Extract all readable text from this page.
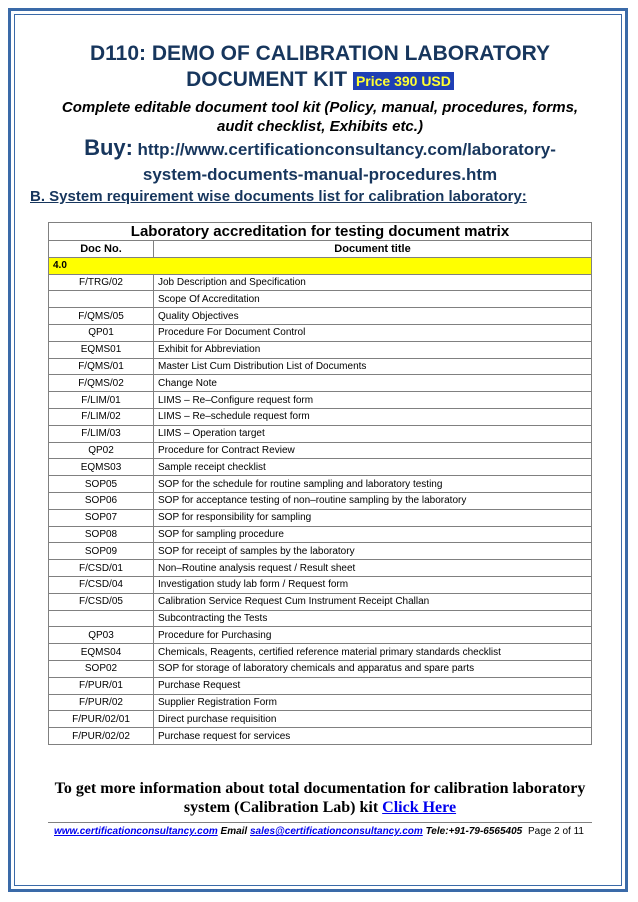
D110: DEMO OF CALIBRATION LABORATORY
DOCUMENT KIT Price 390 USD
Complete editable document tool kit (Policy, manual, procedures, forms,
audit checklist, Exhibits etc.)
Buy: http://www.certificationconsultancy.com/laboratory-
system-documents-manual-procedures.htm
B. System requirement wise documents list for calibration laboratory:
Laboratory accreditation for testing document matrix	
Doc No.	Document title
4.0	
F/TRG/02	Job Description and Specification
	Scope Of Accreditation
F/QMS/05	Quality Objectives
QP01	Procedure For Document Control
EQMS01	Exhibit for Abbreviation
F/QMS/01	Master List Cum Distribution List of Documents
F/QMS/02	Change Note
F/LIM/01	LIMS – Re–Configure request form
F/LIM/02	LIMS – Re–schedule request form
F/LIM/03	LIMS – Operation target
QP02	Procedure for Contract Review
EQMS03	Sample receipt checklist
SOP05	SOP for the schedule for routine sampling and laboratory testing
SOP06	SOP for acceptance testing of non–routine sampling by the laboratory
SOP07	SOP for responsibility for sampling
SOP08	SOP for sampling procedure
SOP09	SOP for receipt of samples by the laboratory
F/CSD/01	Non–Routine analysis request / Result sheet
F/CSD/04	Investigation study lab form / Request form
F/CSD/05	Calibration Service Request Cum Instrument Receipt Challan
	Subcontracting the Tests
QP03	Procedure for Purchasing
EQMS04	Chemicals, Reagents, certified reference material primary standards checklist
SOP02	SOP for storage of laboratory chemicals and apparatus and spare parts
F/PUR/01	Purchase Request
F/PUR/02	Supplier Registration Form
F/PUR/02/01	Direct purchase requisition
F/PUR/02/02	Purchase request for services
To get more information about total documentation for calibration laboratory
system (Calibration Lab) kit Click Here
www.certificationconsultancy.com Email sales@certificationconsultancy.com Tele:+91-79-6565405 Page 2 of 11
